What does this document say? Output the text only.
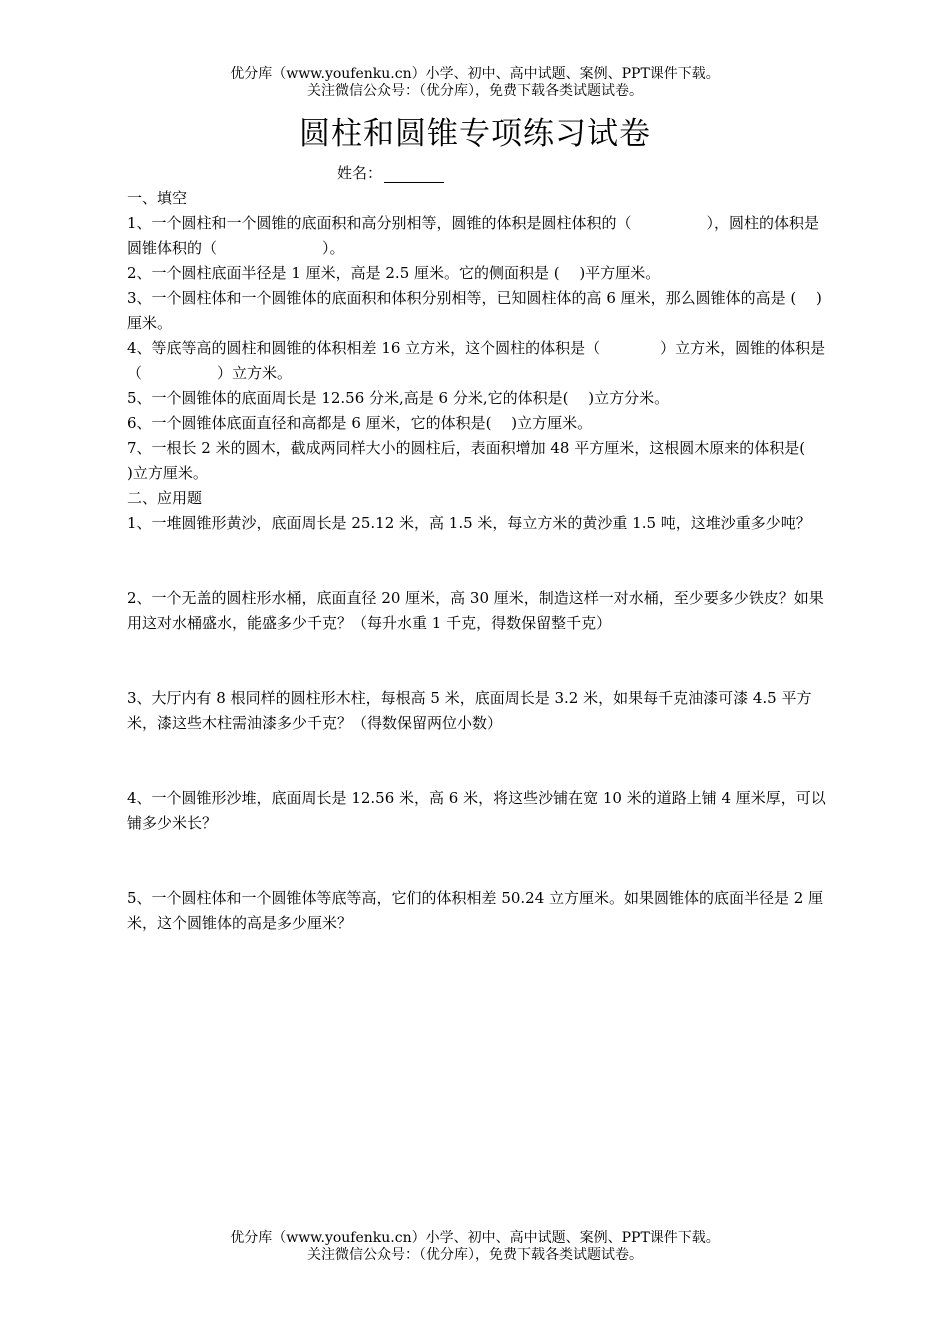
优分库（www.youfenku.cn）小学、初中、高中试题、案例、PPT课件下载。
关注微信公众号：（优分库），免费下载各类试题试卷。
圆柱和圆锥专项练习试卷
姓名：

一、填空

1、一个圆柱和一个圆锥的底面积和高分别相等，圆锥的体积是圆柱体积的（　　　　　），圆柱的体积是圆锥体积的（　　　　　　　）。

2、一个圆柱底面半径是 1 厘米，高是 2.5 厘米。它的侧面积是 (　 )平方厘米。

3、一个圆柱体和一个圆锥体的底面积和体积分别相等，已知圆柱体的高 6 厘米，那么圆锥体的高是 (　 )厘米。

4、等底等高的圆柱和圆锥的体积相差 16 立方米，这个圆柱的体积是（　　　　）立方米，圆锥的体积是（　　　　　）立方米。

5、一个圆锥体的底面周长是 12.56 分米,高是 6 分米,它的体积是(　 )立方分米。

6、一个圆锥体底面直径和高都是 6 厘米，它的体积是(　 )立方厘米。

7、一根长 2 米的圆木，截成两同样大小的圆柱后，表面积增加 48 平方厘米，这根圆木原来的体积是(　 )立方厘米。

二、应用题

1、一堆圆锥形黄沙，底面周长是 25.12 米，高 1.5 米，每立方米的黄沙重 1.5 吨，这堆沙重多少吨？

2、一个无盖的圆柱形水桶，底面直径 20 厘米，高 30 厘米，制造这样一对水桶，至少要多少铁皮？如果用这对水桶盛水，能盛多少千克？（每升水重 1 千克，得数保留整千克）

3、大厅内有 8 根同样的圆柱形木柱，每根高 5 米，底面周长是 3.2 米，如果每千克油漆可漆 4.5 平方米，漆这些木柱需油漆多少千克？（得数保留两位小数）

4、一个圆锥形沙堆，底面周长是 12.56 米，高 6 米，将这些沙铺在宽 10 米的道路上铺 4 厘米厚，可以铺多少米长？

5、一个圆柱体和一个圆锥体等底等高，它们的体积相差 50.24 立方厘米。如果圆锥体的底面半径是 2 厘米，这个圆锥体的高是多少厘米？

优分库（www.youfenku.cn）小学、初中、高中试题、案例、PPT课件下载。
关注微信公众号：（优分库），免费下载各类试题试卷。
